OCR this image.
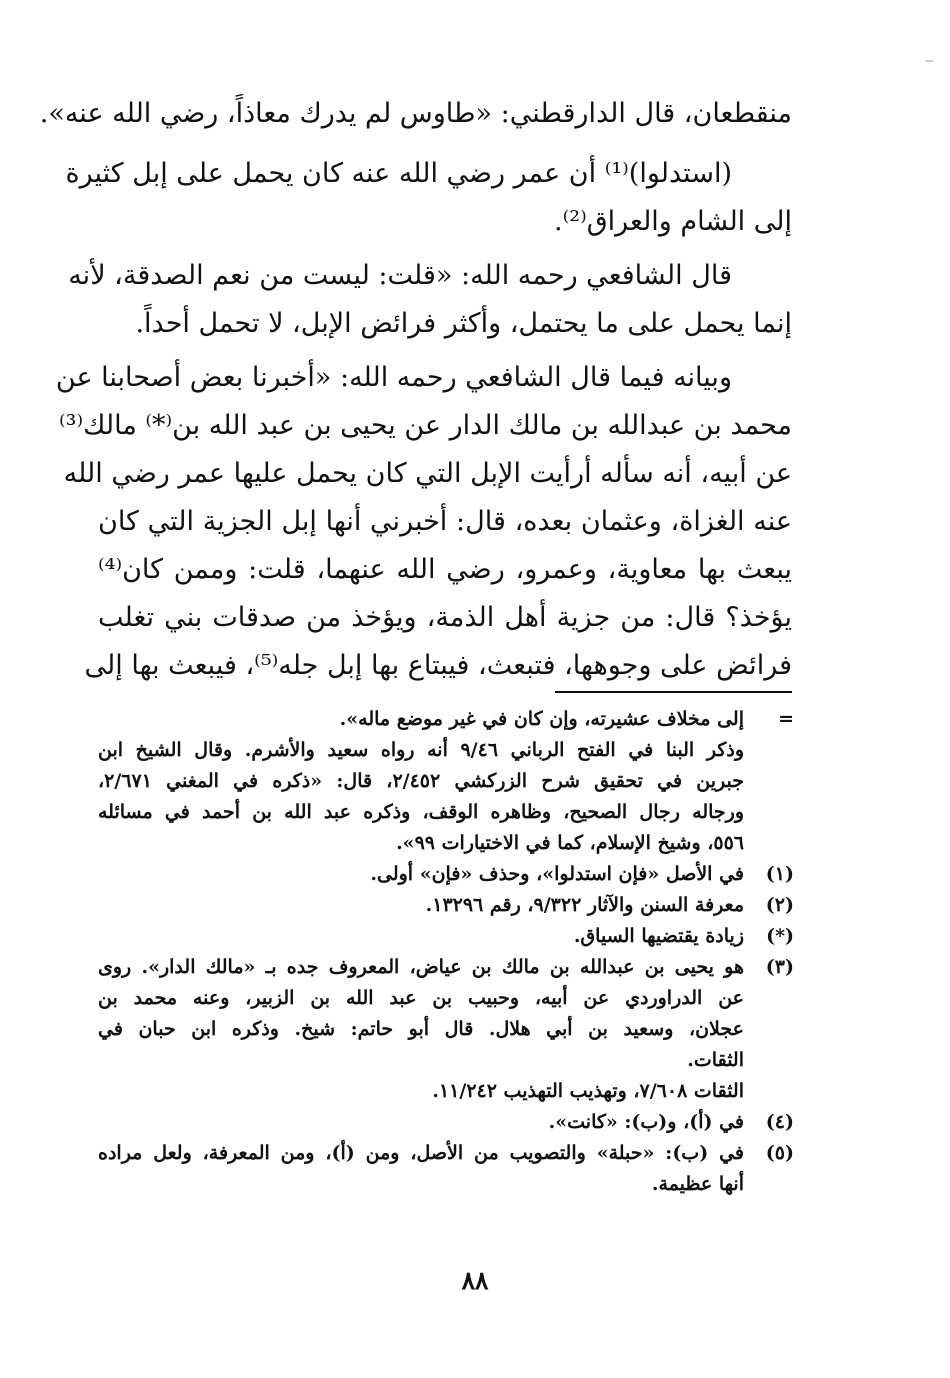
منقطعان، قال الدارقطني: «طاوس لم يدرك معاذاً، رضي الله عنه».
(استدلوا)⁽¹⁾ أن عمر رضي الله عنه كان يحمل على إبل كثيرة
إلى الشام والعراق⁽²⁾.
قال الشافعي رحمه الله: «قلت: ليست من نعم الصدقة، لأنه
إنما يحمل على ما يحتمل، وأكثر فرائض الإبل، لا تحمل أحداً.
وبيانه فيما قال الشافعي رحمه الله: «أخبرنا بعض أصحابنا عن
محمد بن عبدالله بن مالك الدار عن يحيى بن عبد الله بن⁽*⁾ مالك⁽³⁾
عن أبيه، أنه سأله أرأيت الإبل التي كان يحمل عليها عمر رضي الله
عنه الغزاة، وعثمان بعده، قال: أخبرني أنها إبل الجزية التي كان
يبعث بها معاوية، وعمرو، رضي الله عنهما، قلت: وممن كان⁽⁴⁾
يؤخذ؟ قال: من جزية أهل الذمة، ويؤخذ من صدقات بني تغلب
فرائض على وجوهها، فتبعث، فيبتاع بها إبل جله⁽⁵⁾، فيبعث بها إلى
=
إلى مخلاف عشيرته، وإن كان في غير موضع ماله».
وذكر البنا في الفتح الرباني ٩/٤٦ أنه رواه سعيد والأشرم. وقال الشيخ ابن
جبرين في تحقيق شرح الزركشي ٢/٤٥٢، قال: «ذكره في المغني ٢/٦٧١،
ورجاله رجال الصحيح، وظاهره الوقف، وذكره عبد الله بن أحمد في مسائله
٥٥٦، وشيخ الإسلام، كما في الاختيارات ٩٩».
(١)
في الأصل «فإن استدلوا»، وحذف «فإن» أولى.
(٢)
معرفة السنن والآثار ٩/٣٢٢، رقم ١٣٢٩٦.
(*)
زيادة يقتضيها السياق.
(٣)
هو يحيى بن عبدالله بن مالك بن عياض، المعروف جده بـ «مالك الدار». روى
عن الدراوردي عن أبيه، وحبيب بن عبد الله بن الزبير، وعنه محمد بن
عجلان، وسعيد بن أبي هلال. قال أبو حاتم: شيخ. وذكره ابن حبان في
الثقات.
الثقات ٧/٦٠٨، وتهذيب التهذيب ١١/٢٤٢.
(٤)
في (أ)، و(ب): «كانت».
(٥)
في (ب): «حبلة» والتصويب من الأصل، ومن (أ)، ومن المعرفة، ولعل مراده
أنها عظيمة.
٨٨
